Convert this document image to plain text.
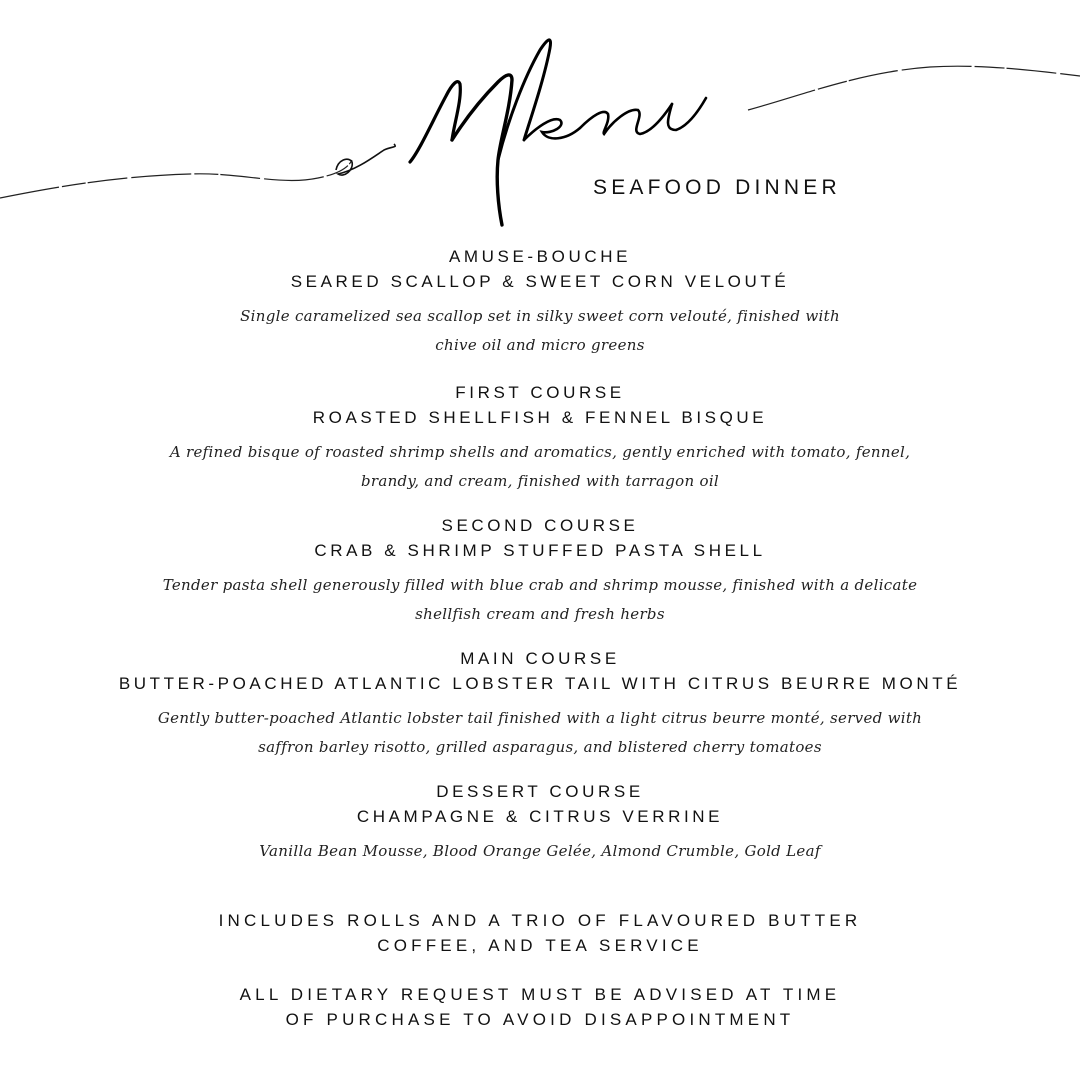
Menu
SEAFOOD DINNER
AMUSE-BOUCHE
SEARED SCALLOP & SWEET CORN VELOUTÉ
Single caramelized sea scallop set in silky sweet corn velouté, finished with
chive oil and micro greens
FIRST COURSE
ROASTED SHELLFISH & FENNEL BISQUE
A refined bisque of roasted shrimp shells and aromatics, gently enriched with tomato, fennel,
brandy, and cream, finished with tarragon oil
SECOND COURSE
CRAB & SHRIMP STUFFED PASTA SHELL
Tender pasta shell generously filled with blue crab and shrimp mousse, finished with a delicate
shellfish cream and fresh herbs
MAIN COURSE
BUTTER-POACHED ATLANTIC LOBSTER TAIL WITH CITRUS BEURRE MONTÉ
Gently butter-poached Atlantic lobster tail finished with a light citrus beurre monté, served with
saffron barley risotto, grilled asparagus, and blistered cherry tomatoes
DESSERT COURSE
CHAMPAGNE & CITRUS VERRINE
Vanilla Bean Mousse, Blood Orange Gelée, Almond Crumble, Gold Leaf
INCLUDES ROLLS AND A TRIO OF FLAVOURED BUTTER
COFFEE, AND TEA SERVICE
ALL DIETARY REQUEST MUST BE ADVISED AT TIME
OF PURCHASE TO AVOID DISAPPOINTMENT
